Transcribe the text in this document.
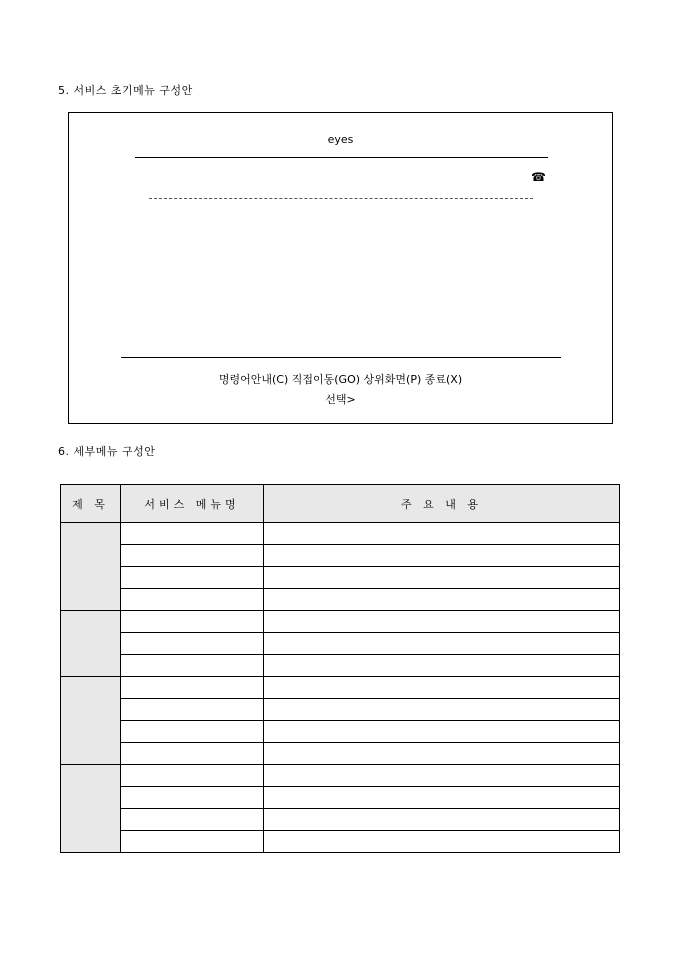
5. 서비스 초기메뉴 구성안
eyes
☎
명령어안내(C) 직접이동(GO) 상위화면(P) 종료(X)
선택>
6. 세부메뉴 구성안
제 목	서비스 메뉴명	주 요 내 용
